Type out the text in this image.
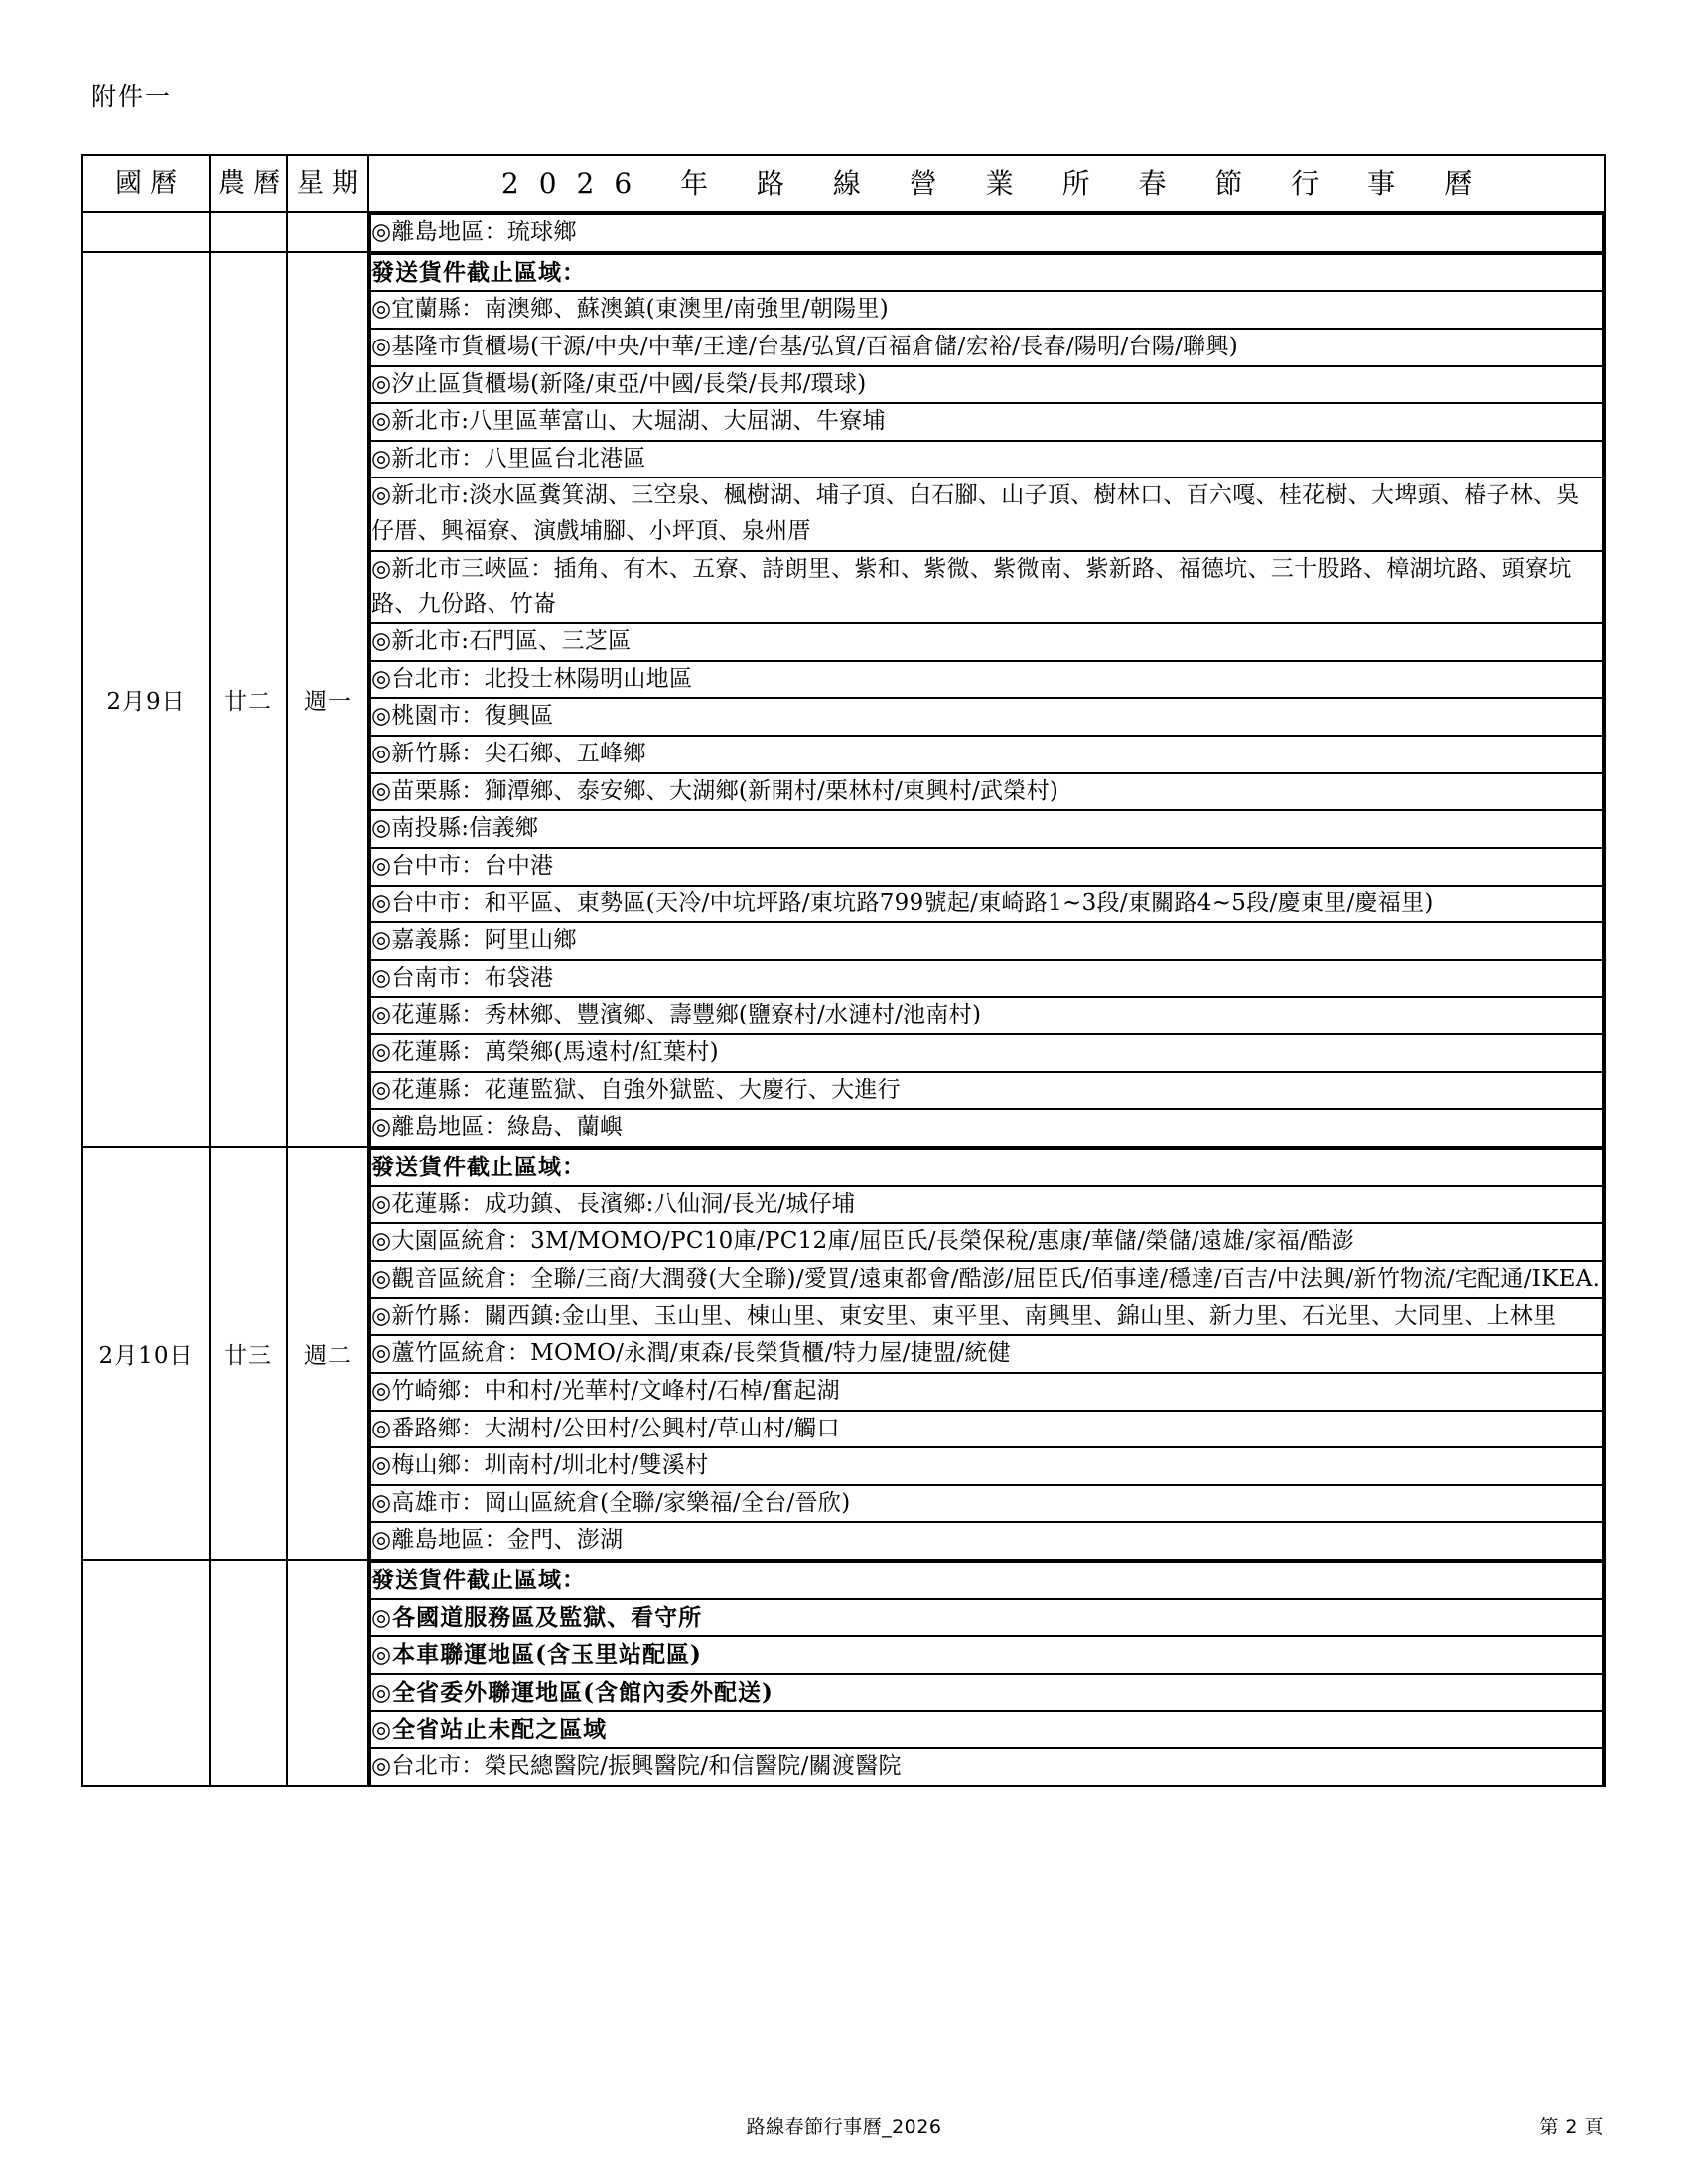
附件一
國曆	農曆	星期	2026 年 路 線 營 業 所 春 節 行 事 曆

◎離島地區：琉球鄉

2月9日	廿二	週一	
發送貨件截止區域：
◎宜蘭縣：南澳鄉、蘇澳鎮(東澳里/南強里/朝陽里)
◎基隆市貨櫃場(干源/中央/中華/王達/台基/弘貿/百福倉儲/宏裕/長春/陽明/台陽/聯興)
◎汐止區貨櫃場(新隆/東亞/中國/長榮/長邦/環球)
◎新北市:八里區華富山、大堀湖、大屈湖、牛寮埔
◎新北市：八里區台北港區
◎新北市:淡水區糞箕湖、三空泉、楓樹湖、埔子頂、白石腳、山子頂、樹林口、百六嘎、桂花樹、大埤頭、椿子林、吳仔厝、興福寮、演戲埔腳、小坪頂、泉州厝
◎新北市三峽區：插角、有木、五寮、詩朗里、紫和、紫微、紫微南、紫新路、福德坑、三十股路、樟湖坑路、頭寮坑路、九份路、竹崙
◎新北市:石門區、三芝區
◎台北市：北投士林陽明山地區
◎桃園市：復興區
◎新竹縣：尖石鄉、五峰鄉
◎苗栗縣：獅潭鄉、泰安鄉、大湖鄉(新開村/栗林村/東興村/武榮村)
◎南投縣:信義鄉
◎台中市：台中港
◎台中市：和平區、東勢區(天冷/中坑坪路/東坑路799號起/東崎路1~3段/東關路4~5段/慶東里/慶福里)
◎嘉義縣：阿里山鄉
◎台南市：布袋港
◎花蓮縣：秀林鄉、豐濱鄉、壽豐鄉(鹽寮村/水漣村/池南村)
◎花蓮縣：萬榮鄉(馬遠村/紅葉村)
◎花蓮縣：花蓮監獄、自強外獄監、大慶行、大進行
◎離島地區：綠島、蘭嶼

2月10日	廿三	週二	
發送貨件截止區域：
◎花蓮縣：成功鎮、長濱鄉:八仙洞/長光/城仔埔
◎大園區統倉：3M/MOMO/PC10庫/PC12庫/屈臣氏/長榮保稅/惠康/華儲/榮儲/遠雄/家福/酷澎
◎觀音區統倉：全聯/三商/大潤發(大全聯)/愛買/遠東都會/酷澎/屈臣氏/佰事達/穩達/百吉/中法興/新竹物流/宅配通/IKEA.
◎新竹縣：關西鎮:金山里、玉山里、棟山里、東安里、東平里、南興里、錦山里、新力里、石光里、大同里、上林里
◎蘆竹區統倉：MOMO/永潤/東森/長榮貨櫃/特力屋/捷盟/統健
◎竹崎鄉：中和村/光華村/文峰村/石棹/奮起湖
◎番路鄉：大湖村/公田村/公興村/草山村/觸口
◎梅山鄉：圳南村/圳北村/雙溪村
◎高雄市：岡山區統倉(全聯/家樂福/全台/晉欣)
◎離島地區：金門、澎湖

發送貨件截止區域：
◎各國道服務區及監獄、看守所
◎本車聯運地區(含玉里站配區)
◎全省委外聯運地區(含館內委外配送)
◎全省站止未配之區域
◎台北市：榮民總醫院/振興醫院/和信醫院/關渡醫院
路線春節行事曆_2026	第 2 頁
